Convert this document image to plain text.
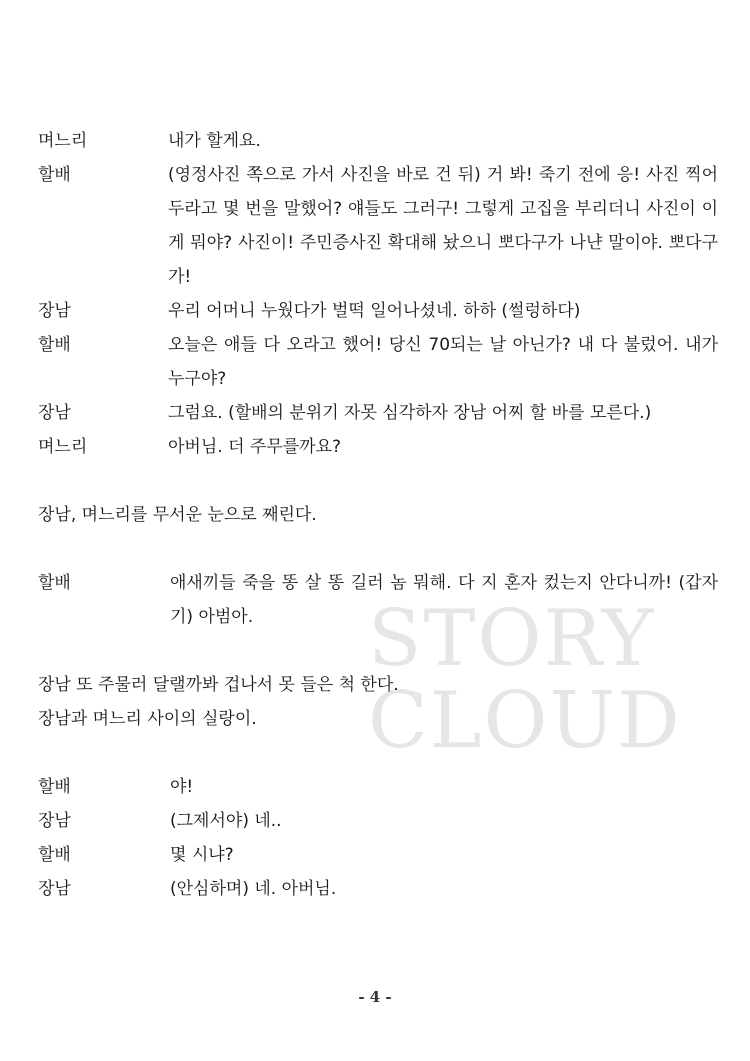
STORY
CLOUD
며느리	내가 할게요.
할배	(영정사진 쪽으로 가서 사진을 바로 건 뒤) 거 봐! 죽기 전에 응! 사진 찍어 두라고 몇 번을 말했어? 얘들도 그러구! 그렇게 고집을 부리더니 사진이 이게 뭐야? 사진이! 주민증사진 확대해 놨으니 뽀다구가 나냔 말이야. 뽀다구가!
장남	우리 어머니 누웠다가 벌떡 일어나셨네. 하하 (썰렁하다)
할배	오늘은 애들 다 오라고 했어! 당신 70되는 날 아닌가? 내 다 불렀어. 내가 누구야?
장남	그럼요. (할배의 분위기 자못 심각하자 장남 어찌 할 바를 모른다.)
며느리	아버님. 더 주무를까요?
장남, 며느리를 무서운 눈으로 째린다.
할배	애새끼들 죽을 똥 살 똥 길러 놈 뭐해. 다 지 혼자 컸는지 안다니까! (갑자기) 아범아.
장남 또 주물러 달랠까봐 겁나서 못 들은 척 한다.
장남과 며느리 사이의 실랑이.
할배	야!
장남	(그제서야) 네..
할배	몇 시냐?
장남	(안심하며) 네. 아버님.
- 4 -
